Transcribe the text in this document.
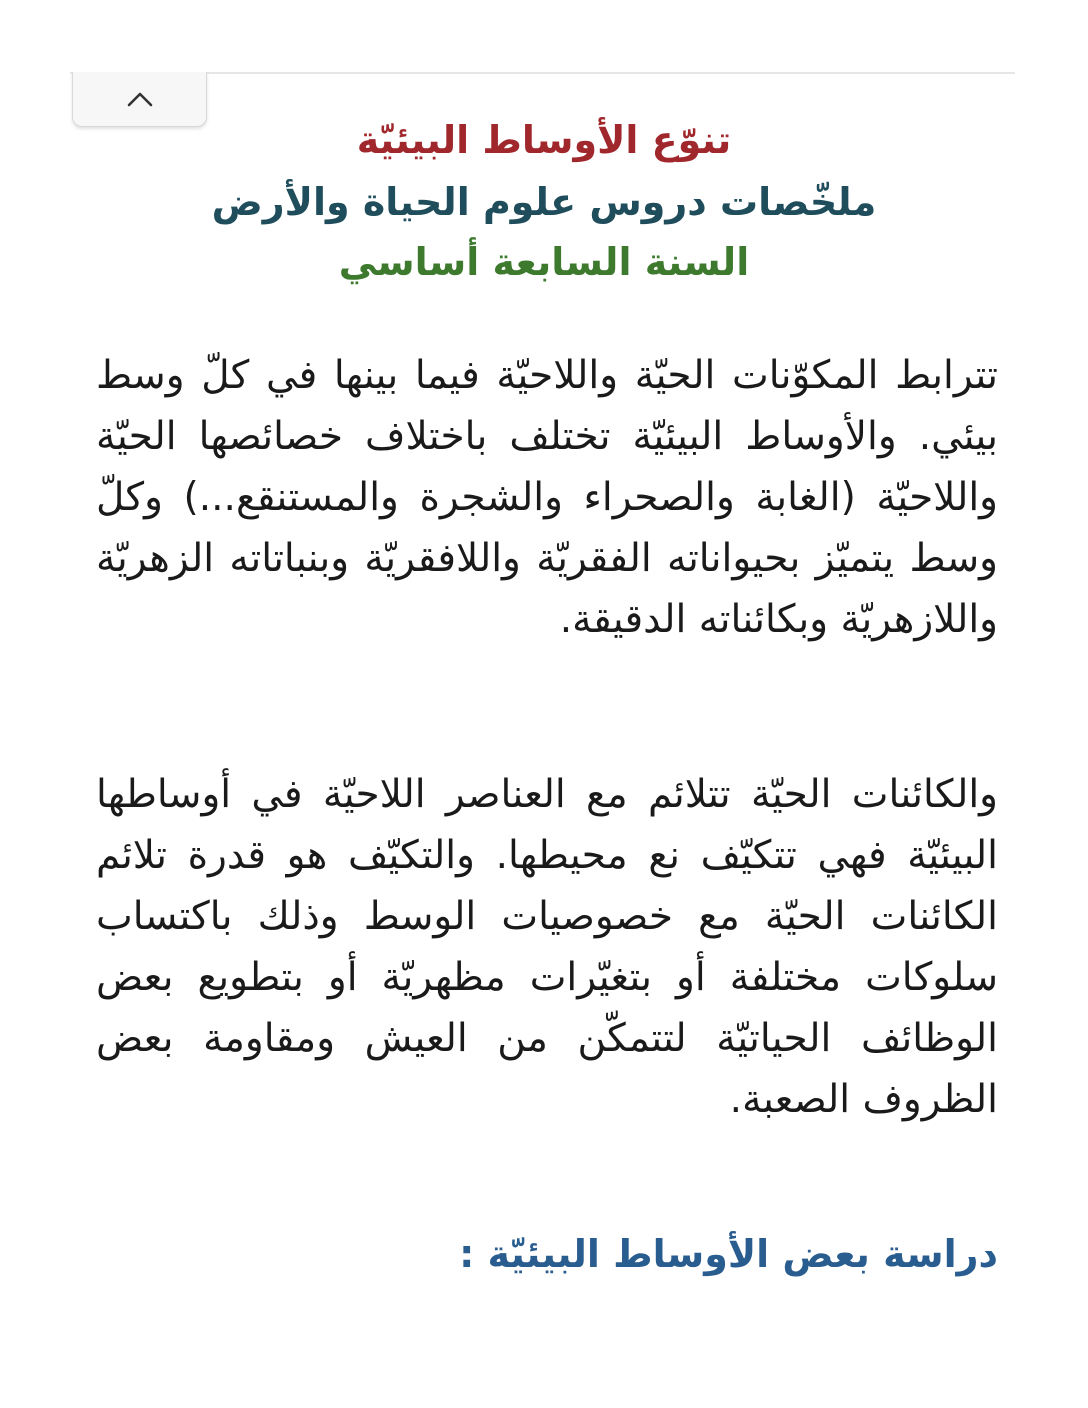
تنوّع الأوساط البيئيّة
ملخّصات دروس علوم الحياة والأرض
السنة السابعة أساسي

تترابط المكوّنات الحيّة واللاحيّة فيما بينها في كلّ وسط بيئي. والأوساط البيئيّة تختلف باختلاف خصائصها الحيّة واللاحيّة (الغابة والصحراء والشجرة والمستنقع...) وكلّ وسط يتميّز بحيواناته الفقريّة واللافقريّة وبنباتاته الزهريّة واللازهريّة وبكائناته الدقيقة.

والكائنات الحيّة تتلائم مع العناصر اللاحيّة في أوساطها البيئيّة فهي تتكيّف نع محيطها. والتكيّف هو قدرة تلائم الكائنات الحيّة مع خصوصيات الوسط وذلك باكتساب سلوكات مختلفة أو بتغيّرات مظهريّة أو بتطويع بعض الوظائف الحياتيّة لتتمكّن من العيش ومقاومة بعض الظروف الصعبة.

دراسة بعض الأوساط البيئيّة :
